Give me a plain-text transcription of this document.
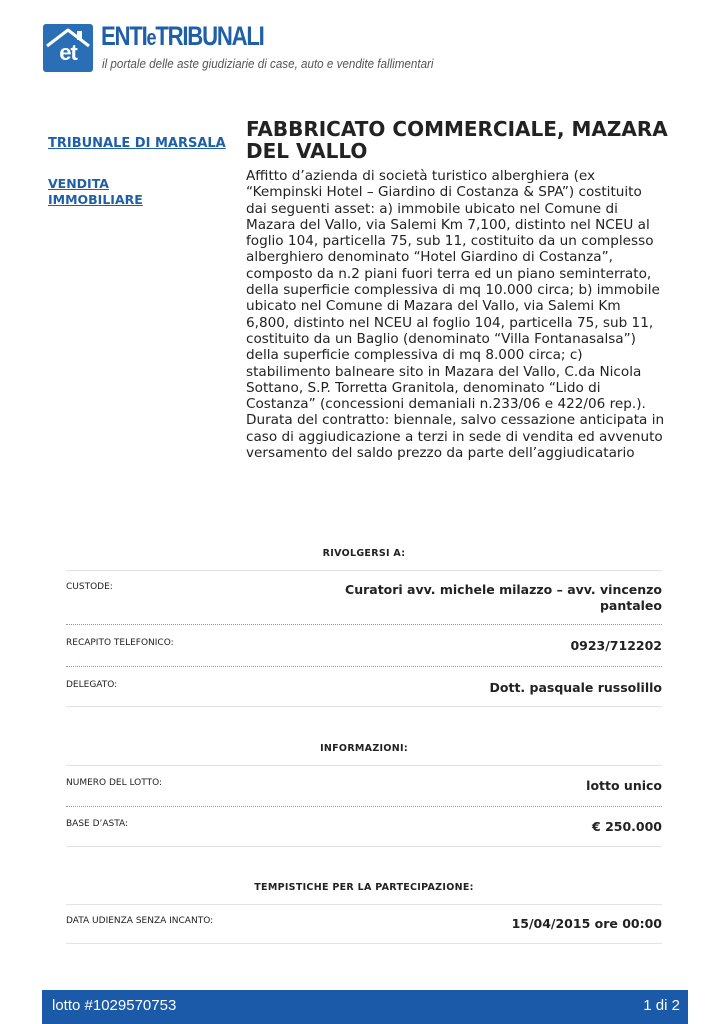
et
ENTIeTRIBUNALI
il portale delle aste giudiziarie di case, auto e vendite fallimentari
TRIBUNALE DI MARSALA
VENDITA IMMOBILIARE
FABBRICATO COMMERCIALE, MAZARA DEL VALLO
Affitto d’azienda di società turistico alberghiera (ex “Kempinski Hotel – Giardino di Costanza & SPA”) costituito dai seguenti asset: a) immobile ubicato nel Comune di Mazara del Vallo, via Salemi Km 7,100, distinto nel NCEU al foglio 104, particella 75, sub 11, costituito da un complesso alberghiero denominato “Hotel Giardino di Costanza”, composto da n.2 piani fuori terra ed un piano seminterrato, della superficie complessiva di mq 10.000 circa; b) immobile ubicato nel Comune di Mazara del Vallo, via Salemi Km 6,800, distinto nel NCEU al foglio 104, particella 75, sub 11, costituito da un Baglio (denominato “Villa Fontanasalsa”) della superficie complessiva di mq 8.000 circa; c) stabilimento balneare sito in Mazara del Vallo, C.da Nicola Sottano, S.P. Torretta Granitola, denominato “Lido di Costanza” (concessioni demaniali n.233/06 e 422/06 rep.). Durata del contratto: biennale, salvo cessazione anticipata in caso di aggiudicazione a terzi in sede di vendita ed avvenuto versamento del saldo prezzo da parte dell’aggiudicatario
RIVOLGERSI A:
CUSTODE:	Curatori avv. michele milazzo – avv. vincenzo pantaleo
RECAPITO TELEFONICO:	0923/712202
DELEGATO:	Dott. pasquale russolillo
INFORMAZIONI:
NUMERO DEL LOTTO:	lotto unico
BASE D’ASTA:	€ 250.000
TEMPISTICHE PER LA PARTECIPAZIONE:
DATA UDIENZA SENZA INCANTO:	15/04/2015 ore 00:00
lotto #1029570753	1 di 2
